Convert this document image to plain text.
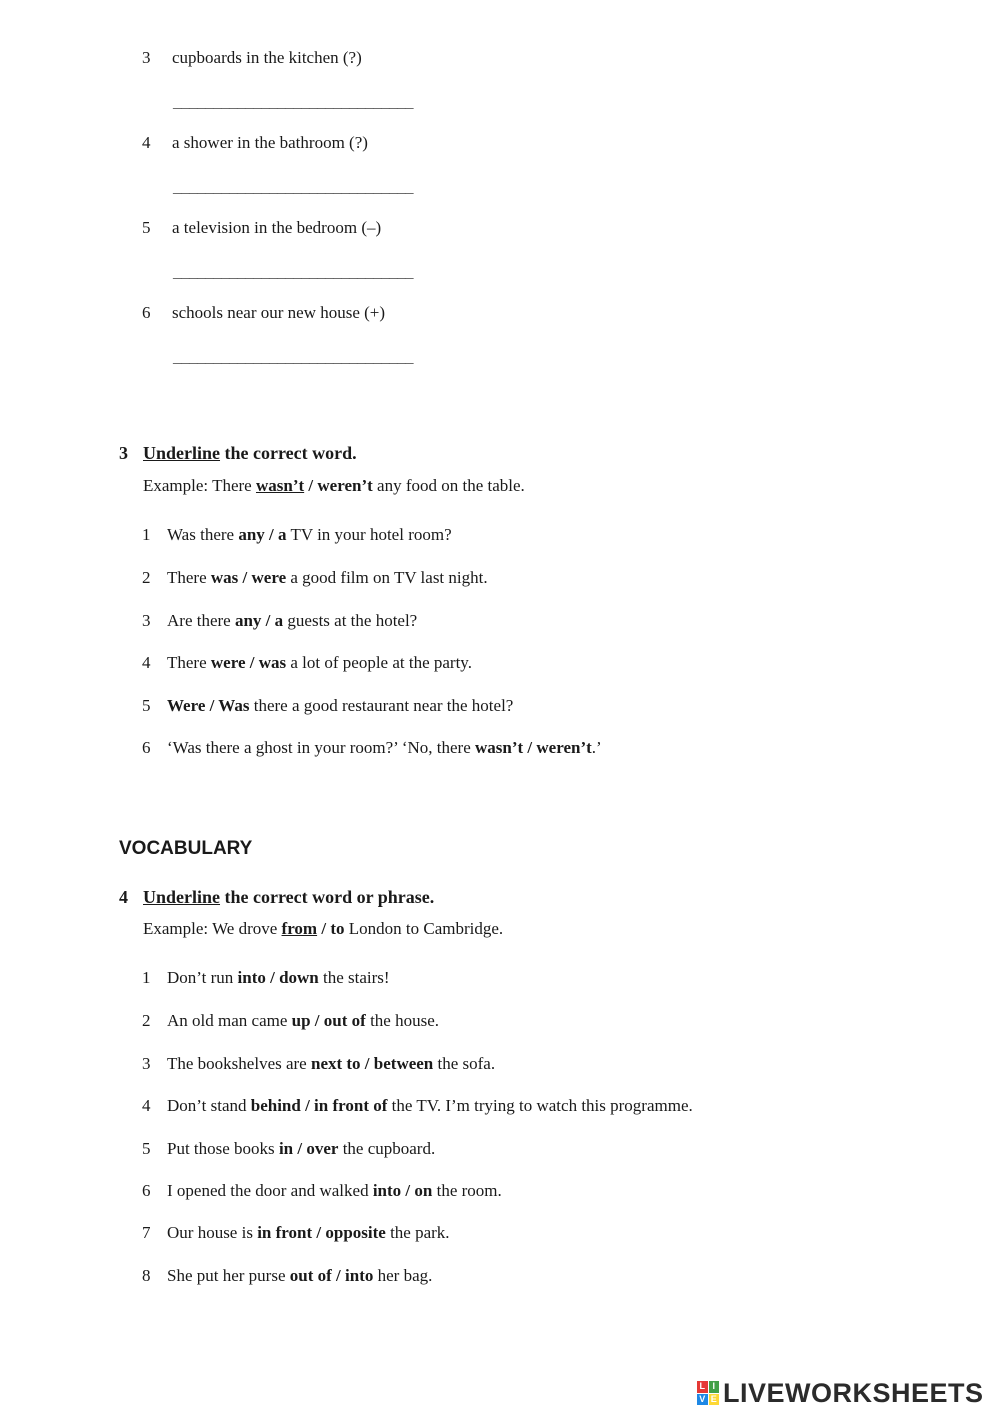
3 cupboards in the kitchen (?)
______________________________
4 a shower in the bathroom (?)
______________________________
5 a television in the bedroom (–)
______________________________
6 schools near our new house (+)
______________________________
3 Underline the correct word.
Example: There wasn’t / weren’t any food on the table.
1 Was there any / a TV in your hotel room?
2 There was / were a good film on TV last night.
3 Are there any / a guests at the hotel?
4 There were / was a lot of people at the party.
5 Were / Was there a good restaurant near the hotel?
6 ‘Was there a ghost in your room?’ ‘No, there wasn’t / weren’t.’
VOCABULARY
4 Underline the correct word or phrase.
Example: We drove from / to London to Cambridge.
1 Don’t run into / down the stairs!
2 An old man came up / out of the house.
3 The bookshelves are next to / between the sofa.
4 Don’t stand behind / in front of the TV. I’m trying to watch this programme.
5 Put those books in / over the cupboard.
6 I opened the door and walked into / on the room.
7 Our house is in front / opposite the park.
8 She put her purse out of / into her bag.
L I
V E LIVEWORKSHEETS
